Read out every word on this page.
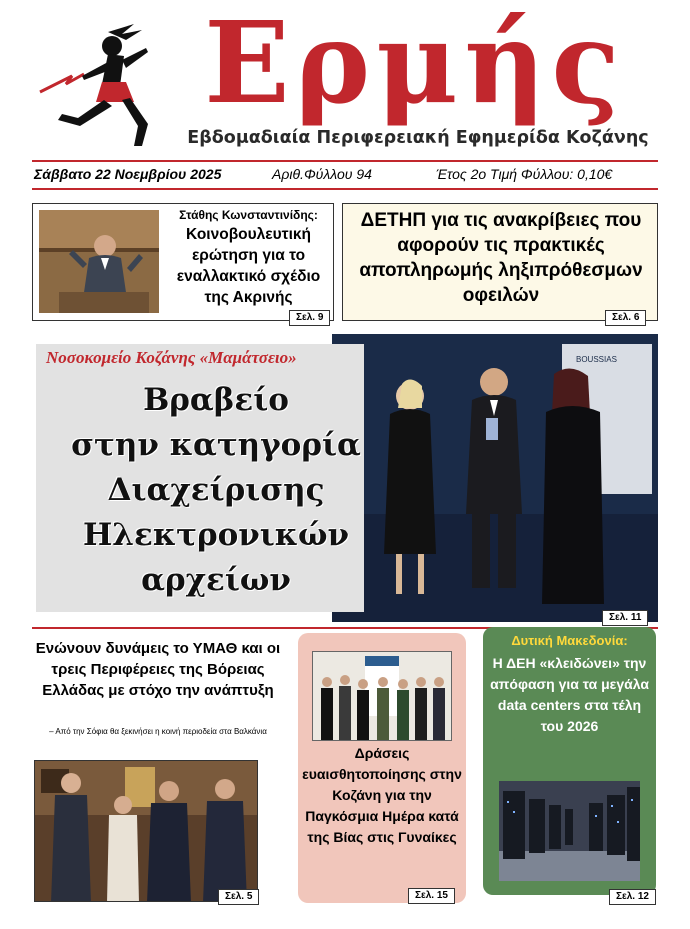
Ερμής
Εβδομαδιαία Περιφερειακή Εφημερίδα Κοζάνης
Σάββατο 22 Νοεμβρίου 2025	Αριθ.Φύλλου 94	Έτος 2ο Τιμή Φύλλου: 0,10€
Στάθης Κωνσταντινίδης:
Κοινοβουλευτική ερώτηση για το εναλλακτικό σχέδιο της Ακρινής
Σελ. 9
ΔΕΤΗΠ για τις ανακρίβειες που αφορούν τις πρακτικές αποπληρωμής ληξιπρόθεσμων οφειλών
Σελ. 6
BOUSSIAS
Νοσοκομείο Κοζάνης «Μαμάτσειο»
Βραβείο
στην κατηγορία
Διαχείρισης
Ηλεκτρονικών
αρχείων
Σελ. 11
Ενώνουν δυνάμεις το ΥΜΑΘ και οι τρεις Περιφέρειες της Βόρειας Ελλάδας με στόχο την ανάπτυξη
– Από την Σόφια θα ξεκινήσει η κοινή περιοδεία στα Βαλκάνια
Σελ. 5
Δράσεις ευαισθητοποίησης στην Κοζάνη για την Παγκόσμια Ημέρα κατά της Βίας στις Γυναίκες
Σελ. 15
Δυτική Μακεδονία:
Η ΔΕΗ «κλειδώνει» την απόφαση για τα μεγάλα data centers στα τέλη του 2026
Σελ. 12
